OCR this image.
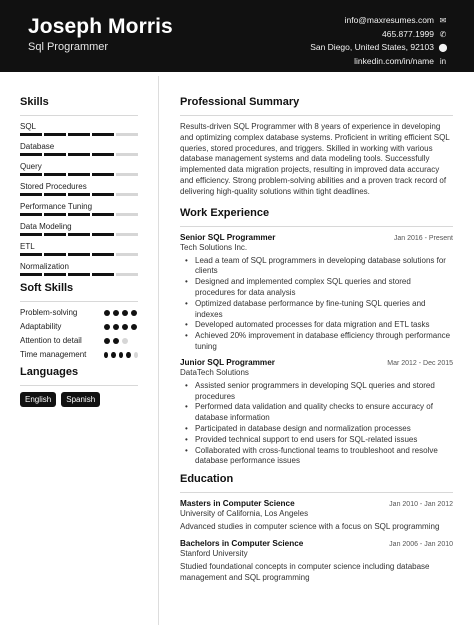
Joseph Morris
Sql Programmer
info@maxresumes.com ✉
465.877.1999 ✆
San Diego, United States, 92103 ⬤
linkedin.com/in/name in
Skills
SQL
Database
Query
Stored Procedures
Performance Tuning
Data Modeling
ETL
Normalization
Soft Skills
Problem-solving
Adaptability
Attention to detail
Time management
Languages
English	Spanish
Professional Summary
Results-driven SQL Programmer with 8 years of experience in developing and optimizing complex database systems. Proficient in writing efficient SQL queries, stored procedures, and triggers. Skilled in working with various database management systems and data modeling tools. Successfully implemented data migration projects, resulting in improved data accuracy and efficiency. Strong problem-solving abilities and a proven track record of delivering high-quality solutions within tight deadlines.
Work Experience
Senior SQL Programmer	Jan 2016 - Present
Tech Solutions Inc.
• Lead a team of SQL programmers in developing database solutions for clients
• Designed and implemented complex SQL queries and stored procedures for data analysis
• Optimized database performance by fine-tuning SQL queries and indexes
• Developed automated processes for data migration and ETL tasks
• Achieved 20% improvement in database efficiency through performance tuning
Junior SQL Programmer	Mar 2012 - Dec 2015
DataTech Solutions
• Assisted senior programmers in developing SQL queries and stored procedures
• Performed data validation and quality checks to ensure accuracy of database information
• Participated in database design and normalization processes
• Provided technical support to end users for SQL-related issues
• Collaborated with cross-functional teams to troubleshoot and resolve database performance issues
Education
Masters in Computer Science	Jan 2010 - Jan 2012
University of California, Los Angeles
Advanced studies in computer science with a focus on SQL programming
Bachelors in Computer Science	Jan 2006 - Jan 2010
Stanford University
Studied foundational concepts in computer science including database management and SQL programming
